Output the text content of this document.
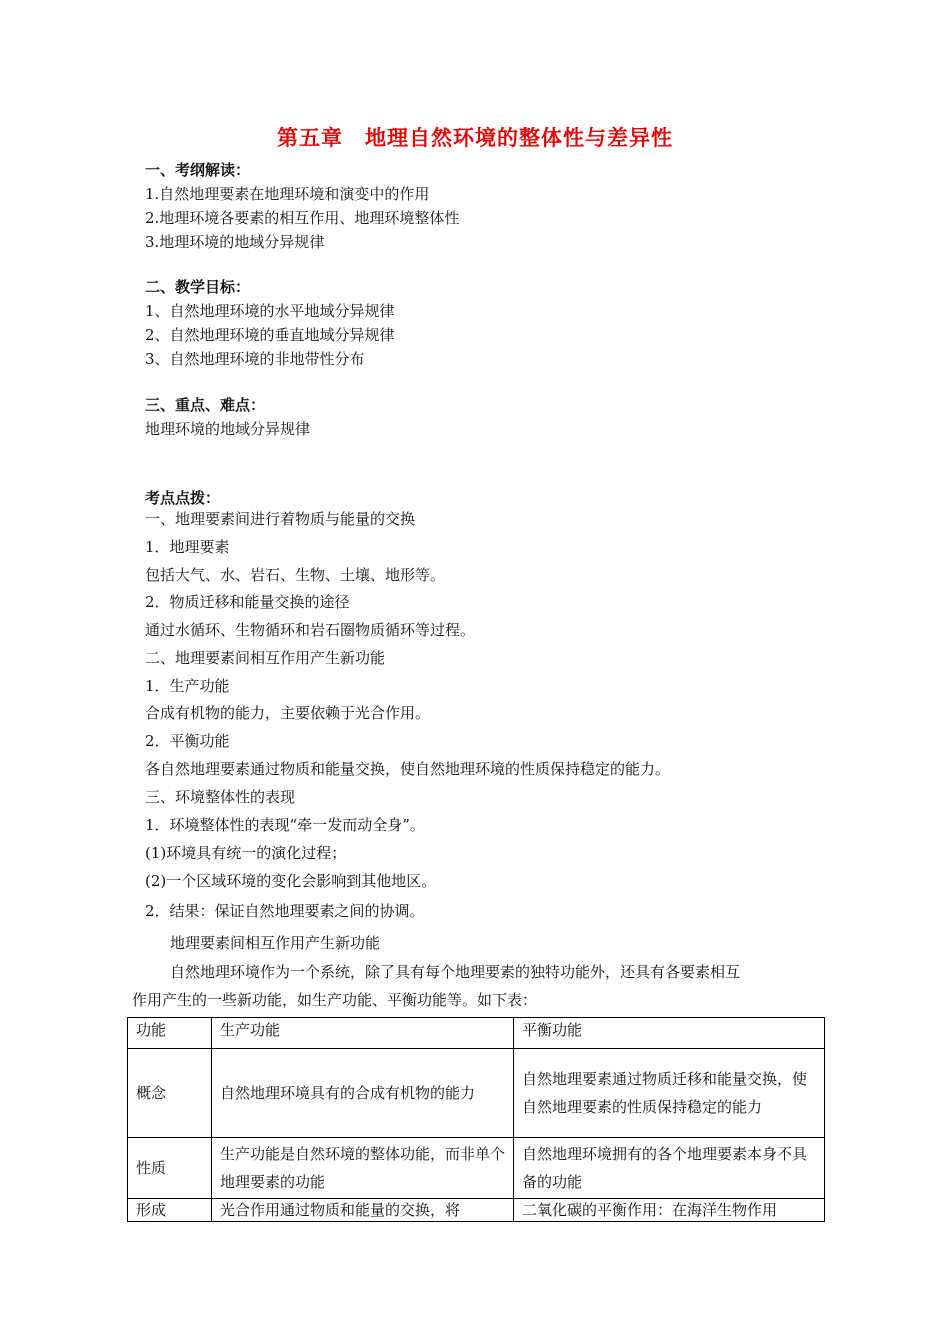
第五章　地理自然环境的整体性与差异性
一、考纲解读：
1.自然地理要素在地理环境和演变中的作用
2.地理环境各要素的相互作用、地理环境整体性
3.地理环境的地域分异规律
二、教学目标：
1、自然地理环境的水平地域分异规律
2、自然地理环境的垂直地域分异规律
3、自然地理环境的非地带性分布
三、重点、难点：
地理环境的地域分异规律
考点点拨：
一、地理要素间进行着物质与能量的交换
1．地理要素
包括大气、水、岩石、生物、土壤、地形等。
2．物质迁移和能量交换的途径
通过水循环、生物循环和岩石圈物质循环等过程。
二、地理要素间相互作用产生新功能
1．生产功能
合成有机物的能力，主要依赖于光合作用。
2．平衡功能
各自然地理要素通过物质和能量交换，使自然地理环境的性质保持稳定的能力。
三、环境整体性的表现
1．环境整体性的表现“牵一发而动全身”。
(1)环境具有统一的演化过程；
(2)一个区域环境的变化会影响到其他地区。
2．结果：保证自然地理要素之间的协调。
地理要素间相互作用产生新功能
自然地理环境作为一个系统，除了具有每个地理要素的独特功能外，还具有各要素相互
作用产生的一些新功能，如生产功能、平衡功能等。如下表：
功能	生产功能	平衡功能
概念	自然地理环境具有的合成有机物的能力	自然地理要素通过物质迁移和能量交换，使自然地理要素的性质保持稳定的能力
性质	生产功能是自然环境的整体功能，而非单个地理要素的功能	自然地理环境拥有的各个地理要素本身不具备的功能
形成	光合作用通过物质和能量的交换，将	二氧化碳的平衡作用：在海洋生物作用
